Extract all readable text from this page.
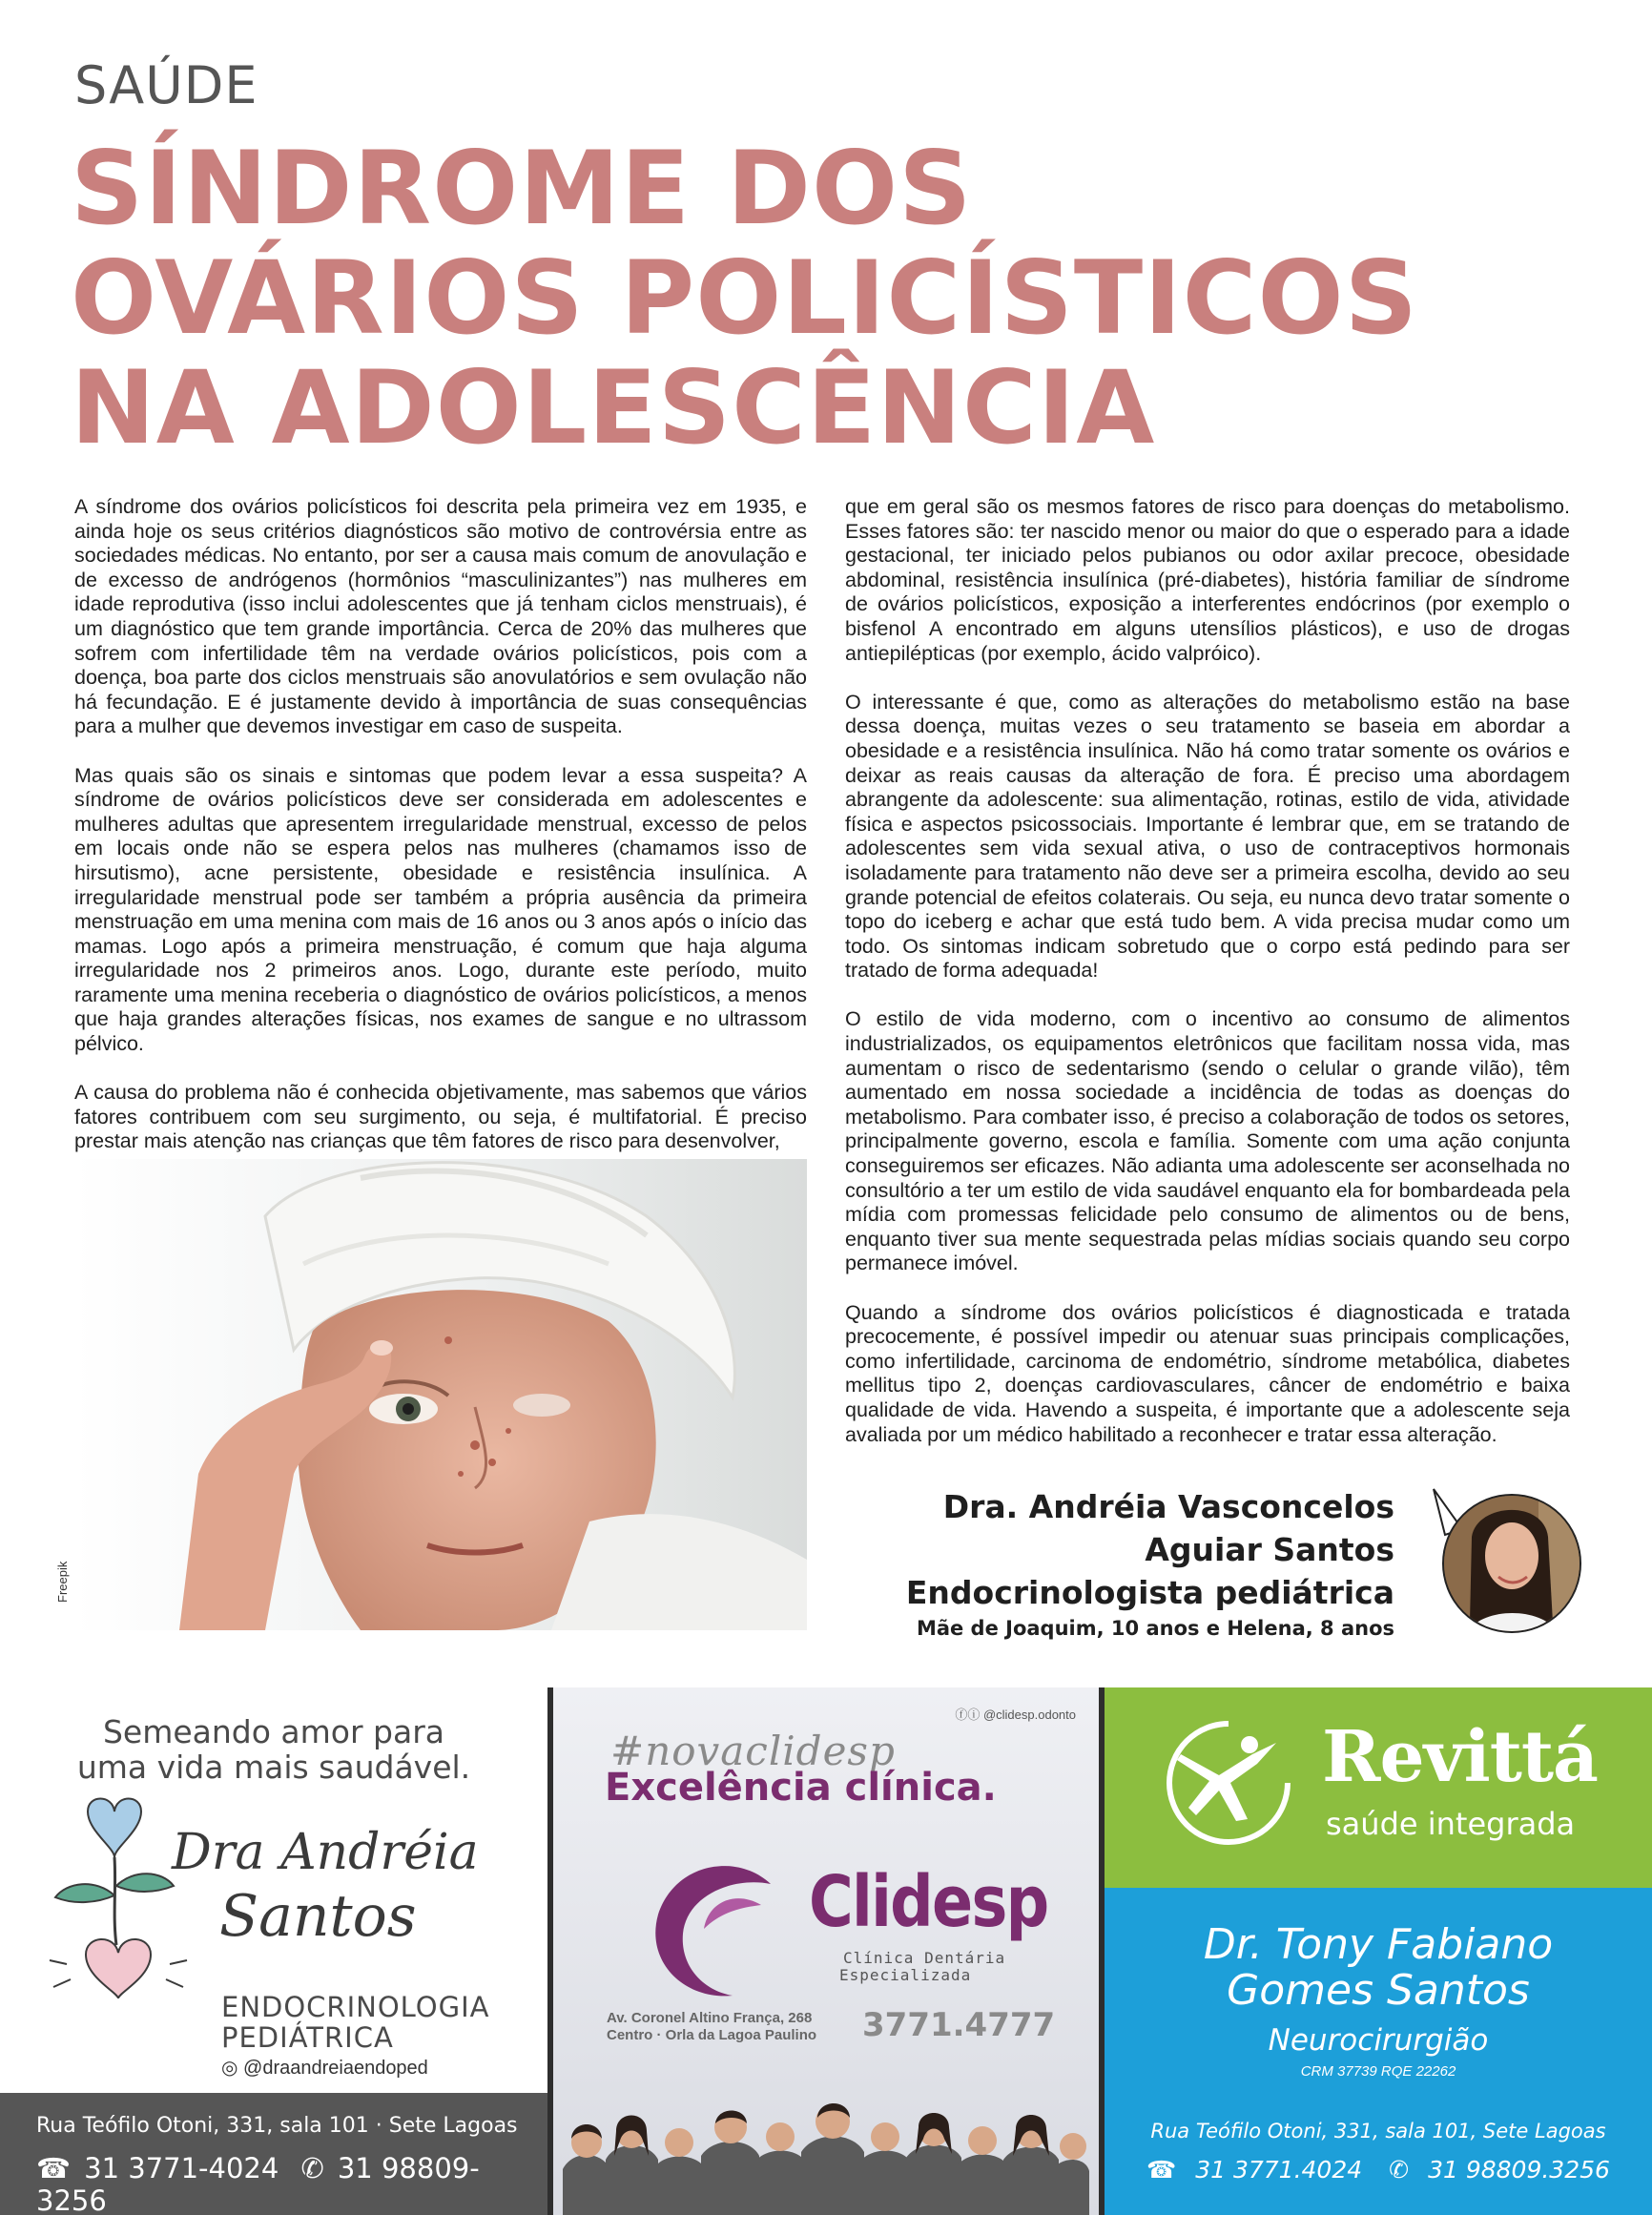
SAÚDE
SÍNDROME DOS
OVÁRIOS POLICÍSTICOS
NA ADOLESCÊNCIA

A síndrome dos ovários policísticos foi descrita pela primeira vez em 1935, e ainda hoje os seus critérios diagnósticos são motivo de controvérsia entre as sociedades médicas. No entanto, por ser a causa mais comum de anovulação e de excesso de andrógenos (hormônios “masculinizantes”) nas mulheres em idade reprodutiva (isso inclui adolescentes que já tenham ciclos menstruais), é um diagnóstico que tem grande importância. Cerca de 20% das mulheres que sofrem com infertilidade têm na verdade ovários policísticos, pois com a doença, boa parte dos ciclos menstruais são anovulatórios e sem ovulação não há fecundação. E é justamente devido à importância de suas consequências para a mulher que devemos investigar em caso de suspeita.

Mas quais são os sinais e sintomas que podem levar a essa suspeita? A síndrome de ovários policísticos deve ser considerada em adolescentes e mulheres adultas que apresentem irregularidade menstrual, excesso de pelos em locais onde não se espera pelos nas mulheres (chamamos isso de hirsutismo), acne persistente, obesidade e resistência insulínica. A irregularidade menstrual pode ser também a própria ausência da primeira menstruação em uma menina com mais de 16 anos ou 3 anos após o início das mamas. Logo após a primeira menstruação, é comum que haja alguma irregularidade nos 2 primeiros anos. Logo, durante este período, muito raramente uma menina receberia o diagnóstico de ovários policísticos, a menos que haja grandes alterações físicas, nos exames de sangue e no ultrassom pélvico.

A causa do problema não é conhecida objetivamente, mas sabemos que vários fatores contribuem com seu surgimento, ou seja, é multifatorial. É preciso prestar mais atenção nas crianças que têm fatores de risco para desenvolver,

que em geral são os mesmos fatores de risco para doenças do metabolismo. Esses fatores são: ter nascido menor ou maior do que o esperado para a idade gestacional, ter iniciado pelos pubianos ou odor axilar precoce, obesidade abdominal, resistência insulínica (pré-diabetes), história familiar de síndrome de ovários policísticos, exposição a interferentes endócrinos (por exemplo o bisfenol A encontrado em alguns utensílios plásticos), e uso de drogas antiepilépticas (por exemplo, ácido valpróico).

O interessante é que, como as alterações do metabolismo estão na base dessa doença, muitas vezes o seu tratamento se baseia em abordar a obesidade e a resistência insulínica. Não há como tratar somente os ovários e deixar as reais causas da alteração de fora. É preciso uma abordagem abrangente da adolescente: sua alimentação, rotinas, estilo de vida, atividade física e aspectos psicossociais. Importante é lembrar que, em se tratando de adolescentes sem vida sexual ativa, o uso de contraceptivos hormonais isoladamente para tratamento não deve ser a primeira escolha, devido ao seu grande potencial de efeitos colaterais. Ou seja, eu nunca devo tratar somente o topo do iceberg e achar que está tudo bem. A vida precisa mudar como um todo. Os sintomas indicam sobretudo que o corpo está pedindo para ser tratado de forma adequada!

O estilo de vida moderno, com o incentivo ao consumo de alimentos industrializados, os equipamentos eletrônicos que facilitam nossa vida, mas aumentam o risco de sedentarismo (sendo o celular o grande vilão), têm aumentado em nossa sociedade a incidência de todas as doenças do metabolismo. Para combater isso, é preciso a colaboração de todos os setores, principalmente governo, escola e família. Somente com uma ação conjunta conseguiremos ser eficazes. Não adianta uma adolescente ser aconselhada no consultório a ter um estilo de vida saudável enquanto ela for bombardeada pela mídia com promessas felicidade pelo consumo de alimentos ou de bens, enquanto tiver sua mente sequestrada pelas mídias sociais quando seu corpo permanece imóvel.

Quando a síndrome dos ovários policísticos é diagnosticada e tratada precocemente, é possível impedir ou atenuar suas principais complicações, como infertilidade, carcinoma de endométrio, síndrome metabólica, diabetes mellitus tipo 2, doenças cardiovasculares, câncer de endométrio e baixa qualidade de vida. Havendo a suspeita, é importante que a adolescente seja avaliada por um médico habilitado a reconhecer e tratar essa alteração.

Freepik
Dra. Andréia Vasconcelos
Aguiar Santos
Endocrinologista pediátrica
Mãe de Joaquim, 10 anos e Helena, 8 anos
Semeando amor para
uma vida mais saudável.
Dra Andréia
Santos
ENDOCRINOLOGIA
PEDIÁTRICA
◎ @draandreiaendoped
Rua Teófilo Otoni, 331, sala 101 · Sete Lagoas
☎ 31 3771-4024 ✆ 31 98809-3256
ⓕⓘ @clidesp.odonto
#novaclidesp
Excelência clínica.
Clidesp
Clínica Dentária
Especializada
Av. Coronel Altino França, 268
Centro · Orla da Lagoa Paulino 3771.4777
Revittá
saúde integrada
Dr. Tony Fabiano
Gomes Santos
Neurocirurgião
CRM 37739 RQE 22262
Rua Teófilo Otoni, 331, sala 101, Sete Lagoas
☎ 31 3771.4024 ✆ 31 98809.3256
